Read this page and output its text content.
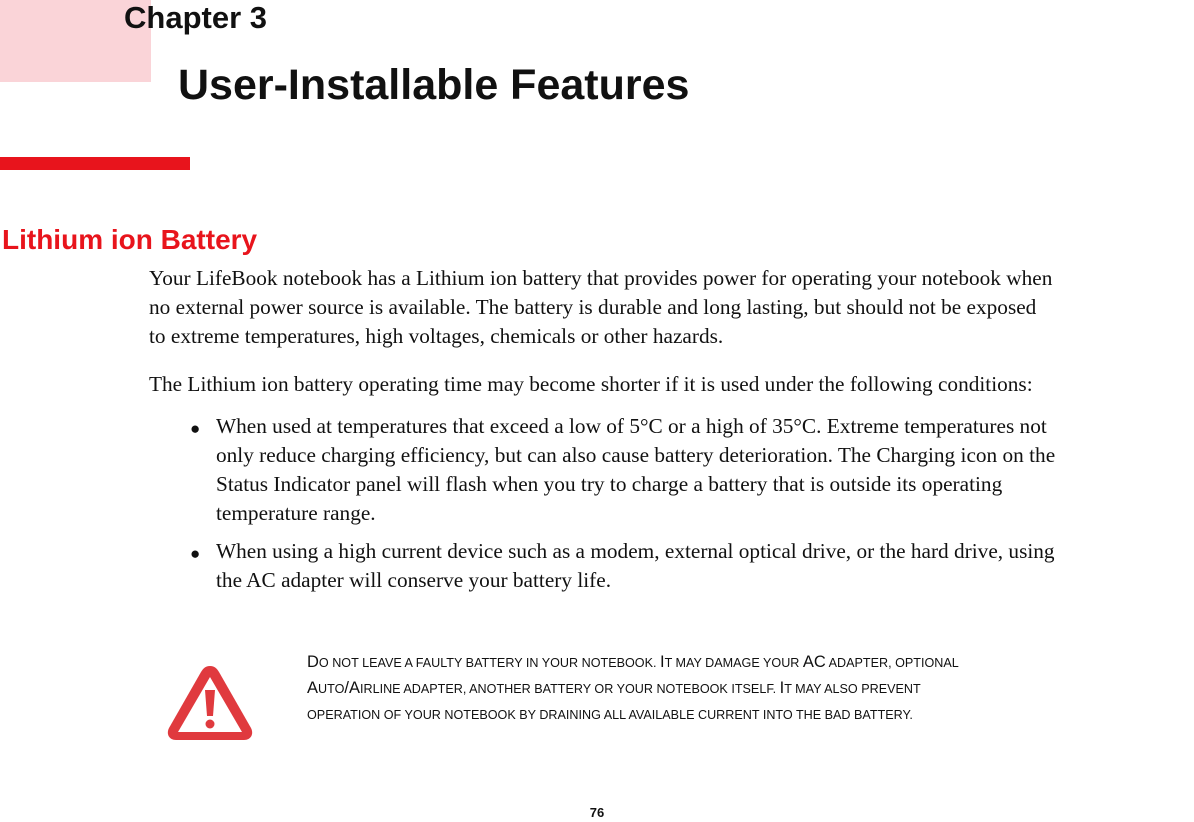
Chapter 3
User-Installable Features
Lithium ion Battery

Your LifeBook notebook has a Lithium ion battery that provides power for operating your notebook when
no external power source is available. The battery is durable and long lasting, but should not be exposed
to extreme temperatures, high voltages, chemicals or other hazards.

The Lithium ion battery operating time may become shorter if it is used under the following conditions:

● When used at temperatures that exceed a low of 5°C or a high of 35°C. Extreme temperatures not
only reduce charging efficiency, but can also cause battery deterioration. The Charging icon on the
Status Indicator panel will flash when you try to charge a battery that is outside its operating
temperature range.

● When using a high current device such as a modem, external optical drive, or the hard drive, using
the AC adapter will conserve your battery life.

DO NOT LEAVE A FAULTY BATTERY IN YOUR NOTEBOOK. IT MAY DAMAGE YOUR AC ADAPTER, OPTIONAL
AUTO/AIRLINE ADAPTER, ANOTHER BATTERY OR YOUR NOTEBOOK ITSELF. IT MAY ALSO PREVENT
OPERATION OF YOUR NOTEBOOK BY DRAINING ALL AVAILABLE CURRENT INTO THE BAD BATTERY.

76
